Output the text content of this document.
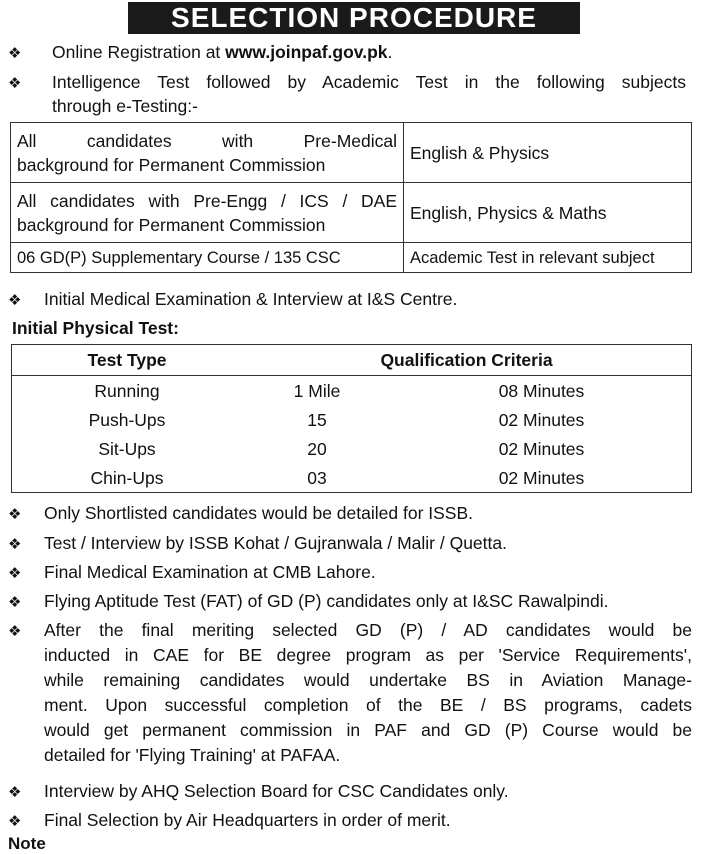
SELECTION PROCEDURE
❖ Online Registration at www.joinpaf.gov.pk.
❖ Intelligence Test followed by Academic Test in the following subjects
through e-Testing:-
All candidates with Pre-Medical
background for Permanent Commission	English & Physics

All candidates with Pre-Engg / ICS / DAE
background for Permanent Commission	English, Physics & Maths
06 GD(P) Supplementary Course / 135 CSC	Academic Test in relevant subject
❖ Initial Medical Examination & Interview at I&S Centre.
Initial Physical Test:
Test Type	Qualification Criteria	
Running	1 Mile	08 Minutes
Push-Ups	15	02 Minutes
Sit-Ups	20	02 Minutes
Chin-Ups	03	02 Minutes
❖ Only Shortlisted candidates would be detailed for ISSB.
❖ Test / Interview by ISSB Kohat / Gujranwala / Malir / Quetta.
❖ Final Medical Examination at CMB Lahore.
❖ Flying Aptitude Test (FAT) of GD (P) candidates only at I&SC Rawalpindi.
❖ After the final meriting selected GD (P) / AD candidates would be
inducted in CAE for BE degree program as per 'Service Requirements',
while remaining candidates would undertake BS in Aviation Manage-
ment. Upon successful completion of the BE / BS programs, cadets
would get permanent commission in PAF and GD (P) Course would be
detailed for 'Flying Training' at PAFAA.
❖ Interview by AHQ Selection Board for CSC Candidates only.
❖ Final Selection by Air Headquarters in order of merit.
Note
